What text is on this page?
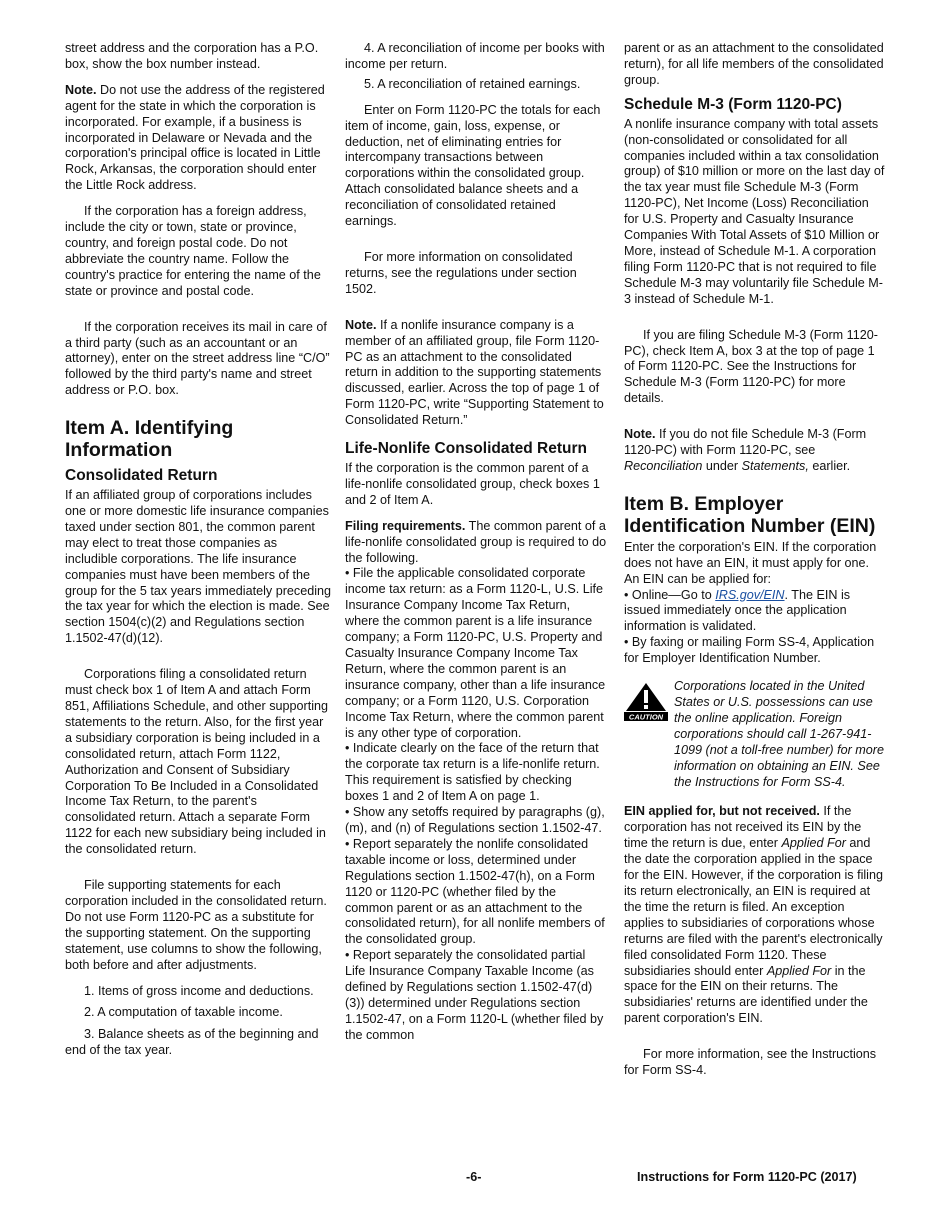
street address and the corporation has a P.O. box, show the box number instead.

Note. Do not use the address of the registered agent for the state in which the corporation is incorporated. For example, if a business is incorporated in Delaware or Nevada and the corporation's principal office is located in Little Rock, Arkansas, the corporation should enter the Little Rock address.

If the corporation has a foreign address, include the city or town, state or province, country, and foreign postal code. Do not abbreviate the country name. Follow the country's practice for entering the name of the state or province and postal code.

If the corporation receives its mail in care of a third party (such as an accountant or an attorney), enter on the street address line “C/O” followed by the third party's name and street address or P.O. box.

Item A. Identifying Information
Consolidated Return

If an affiliated group of corporations includes one or more domestic life insurance companies taxed under section 801, the common parent may elect to treat those companies as includible corporations. The life insurance companies must have been members of the group for the 5 tax years immediately preceding the tax year for which the election is made. See section 1504(c)(2) and Regulations section 1.1502-47(d)(12).

Corporations filing a consolidated return must check box 1 of Item A and attach Form 851, Affiliations Schedule, and other supporting statements to the return. Also, for the first year a subsidiary corporation is being included in a consolidated return, attach Form 1122, Authorization and Consent of Subsidiary Corporation To Be Included in a Consolidated Income Tax Return, to the parent's consolidated return. Attach a separate Form 1122 for each new subsidiary being included in the consolidated return.

File supporting statements for each corporation included in the consolidated return. Do not use Form 1120-PC as a substitute for the supporting statement. On the supporting statement, use columns to show the following, both before and after adjustments.

1. Items of gross income and deductions.

2. A computation of taxable income.

3. Balance sheets as of the beginning and end of the tax year.

4. A reconciliation of income per books with income per return.

5. A reconciliation of retained earnings.

Enter on Form 1120-PC the totals for each item of income, gain, loss, expense, or deduction, net of eliminating entries for intercompany transactions between corporations within the consolidated group. Attach consolidated balance sheets and a reconciliation of consolidated retained earnings.

For more information on consolidated returns, see the regulations under section 1502.

Note. If a nonlife insurance company is a member of an affiliated group, file Form 1120-PC as an attachment to the consolidated return in addition to the supporting statements discussed, earlier. Across the top of page 1 of Form 1120-PC, write “Supporting Statement to Consolidated Return.”

Life-Nonlife Consolidated Return

If the corporation is the common parent of a life-nonlife consolidated group, check boxes 1 and 2 of Item A.

Filing requirements. The common parent of a life-nonlife consolidated group is required to do the following.

• File the applicable consolidated corporate income tax return: as a Form 1120-L, U.S. Life Insurance Company Income Tax Return, where the common parent is a life insurance company; a Form 1120-PC, U.S. Property and Casualty Insurance Company Income Tax Return, where the common parent is an insurance company, other than a life insurance company; or a Form 1120, U.S. Corporation Income Tax Return, where the common parent is any other type of corporation.

• Indicate clearly on the face of the return that the corporate tax return is a life-nonlife return. This requirement is satisfied by checking boxes 1 and 2 of Item A on page 1.

• Show any setoffs required by paragraphs (g), (m), and (n) of Regulations section 1.1502-47.

• Report separately the nonlife consolidated taxable income or loss, determined under Regulations section 1.1502-47(h), on a Form 1120 or 1120-PC (whether filed by the common parent or as an attachment to the consolidated return), for all nonlife members of the consolidated group.

• Report separately the consolidated partial Life Insurance Company Taxable Income (as defined by Regulations section 1.1502-47(d)(3)) determined under Regulations section 1.1502-47, on a Form 1120-L (whether filed by the common

parent or as an attachment to the consolidated return), for all life members of the consolidated group.

Schedule M-3 (Form 1120-PC)

A nonlife insurance company with total assets (non-consolidated or consolidated for all companies included within a tax consolidation group) of $10 million or more on the last day of the tax year must file Schedule M-3 (Form 1120-PC), Net Income (Loss) Reconciliation for U.S. Property and Casualty Insurance Companies With Total Assets of $10 Million or More, instead of Schedule M-1. A corporation filing Form 1120-PC that is not required to file Schedule M-3 may voluntarily file Schedule M-3 instead of Schedule M-1.

If you are filing Schedule M-3 (Form 1120-PC), check Item A, box 3 at the top of page 1 of Form 1120-PC. See the Instructions for Schedule M-3 (Form 1120-PC) for more details.

Note. If you do not file Schedule M-3 (Form 1120-PC) with Form 1120-PC, see Reconciliation under Statements, earlier.

Item B. Employer Identification Number (EIN)

Enter the corporation's EIN. If the corporation does not have an EIN, it must apply for one. An EIN can be applied for:

• Online—Go to IRS.gov/EIN. The EIN is issued immediately once the application information is validated.

• By faxing or mailing Form SS-4, Application for Employer Identification Number.

CAUTION
Corporations located in the United States or U.S. possessions can use the online application. Foreign corporations should call 1-267-941-1099 (not a toll-free number) for more information on obtaining an EIN. See the Instructions for Form SS-4.

EIN applied for, but not received. If the corporation has not received its EIN by the time the return is due, enter Applied For and the date the corporation applied in the space for the EIN. However, if the corporation is filing its return electronically, an EIN is required at the time the return is filed. An exception applies to subsidiaries of corporations whose returns are filed with the parent's electronically filed consolidated Form 1120. These subsidiaries should enter Applied For in the space for the EIN on their returns. The subsidiaries' returns are identified under the parent corporation's EIN.

For more information, see the Instructions for Form SS-4.

-6-	Instructions for Form 1120-PC (2017)
